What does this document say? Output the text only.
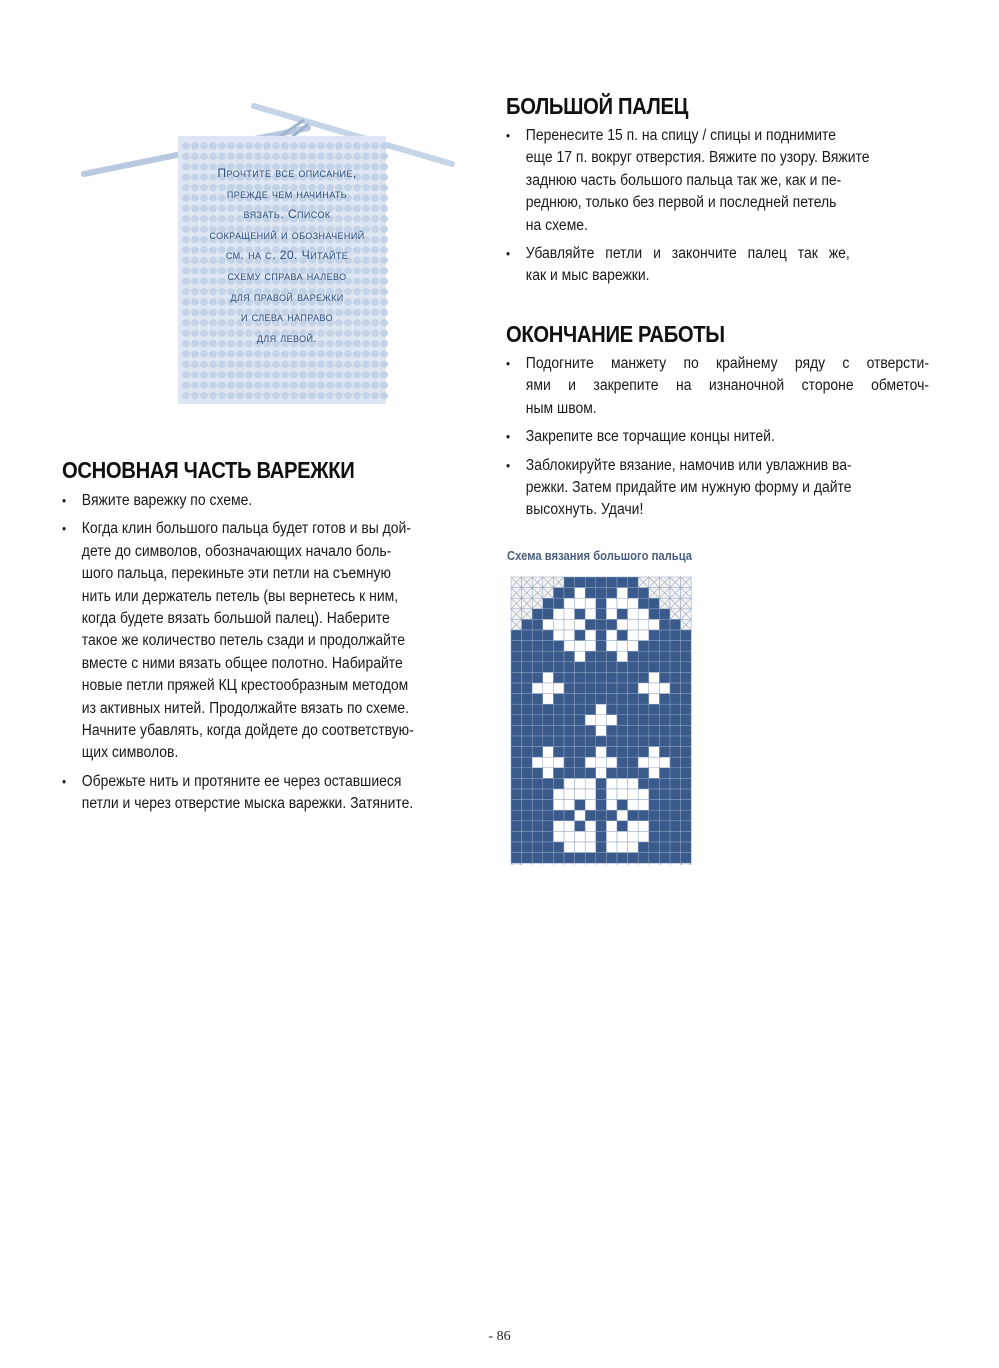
Прочтите все описание,
прежде чем начинать
вязать. Список
сокращений и обозначений
см. на с. 20. Читайте
схему справа налево
для правой варежки
и слева направо
для левой.
ОСНОВНАЯ ЧАСТЬ ВАРЕЖКИ
• Вяжите варежку по схеме.
• Когда клин большого пальца будет готов и вы дой-
дете до символов, обозначающих начало боль-
шого пальца, перекиньте эти петли на съемную
нить или держатель петель (вы вернетесь к ним,
когда будете вязать большой палец). Наберите
такое же количество петель сзади и продолжайте
вместе с ними вязать общее полотно. Набирайте
новые петли пряжей КЦ крестообразным методом
из активных нитей. Продолжайте вязать по схеме.
Начните убавлять, когда дойдете до соответствую-
щих символов.
• Обрежьте нить и протяните ее через оставшиеся
петли и через отверстие мыска варежки. Затяните.
БОЛЬШОЙ ПАЛЕЦ
• Перенесите 15 п. на спицу / спицы и поднимите
еще 17 п. вокруг отверстия. Вяжите по узору. Вяжите
заднюю часть большого пальца так же, как и пе-
реднюю, только без первой и последней петель
на схеме.
• Убавляйте петли и закончите палец так же,
как и мыс варежки.
ОКОНЧАНИЕ РАБОТЫ
• Подогните манжету по крайнему ряду с отверсти-
ями и закрепите на изнаночной стороне обметоч-
ным швом.
• Закрепите все торчащие концы нитей.
• Заблокируйте вязание, намочив или увлажнив ва-
режки. Затем придайте им нужную форму и дайте
высохнуть. Удачи!

Схема вязания большого пальца

- 86
